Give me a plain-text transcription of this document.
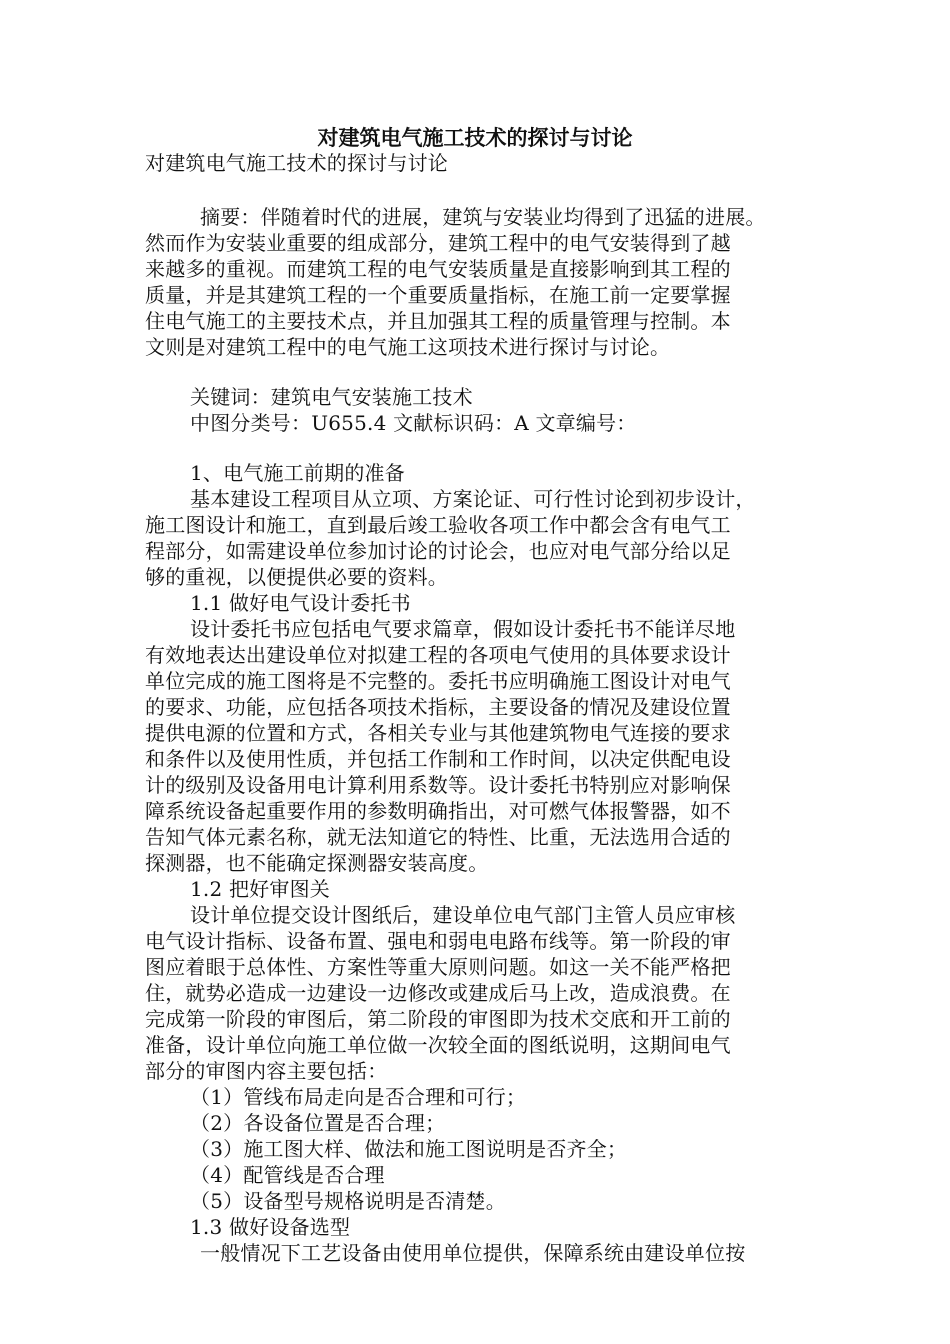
对建筑电气施工技术的探讨与讨论
对建筑电气施工技术的探讨与讨论
摘要：伴随着时代的进展，建筑与安装业均得到了迅猛的进展。
然而作为安装业重要的组成部分，建筑工程中的电气安装得到了越
来越多的重视。而建筑工程的电气安装质量是直接影响到其工程的
质量，并是其建筑工程的一个重要质量指标，在施工前一定要掌握
住电气施工的主要技术点，并且加强其工程的质量管理与控制。本
文则是对建筑工程中的电气施工这项技术进行探讨与讨论。
关键词：建筑电气安装施工技术
中图分类号：U655.4 文献标识码：A 文章编号：
1、电气施工前期的准备
基本建设工程项目从立项、方案论证、可行性讨论到初步设计，
施工图设计和施工，直到最后竣工验收各项工作中都会含有电气工
程部分，如需建设单位参加讨论的讨论会，也应对电气部分给以足
够的重视，以便提供必要的资料。
1.1 做好电气设计委托书
设计委托书应包括电气要求篇章，假如设计委托书不能详尽地
有效地表达出建设单位对拟建工程的各项电气使用的具体要求设计
单位完成的施工图将是不完整的。委托书应明确施工图设计对电气
的要求、功能，应包括各项技术指标，主要设备的情况及建设位置
提供电源的位置和方式，各相关专业与其他建筑物电气连接的要求
和条件以及使用性质，并包括工作制和工作时间，以决定供配电设
计的级别及设备用电计算利用系数等。设计委托书特别应对影响保
障系统设备起重要作用的参数明确指出，对可燃气体报警器，如不
告知气体元素名称，就无法知道它的特性、比重，无法选用合适的
探测器，也不能确定探测器安装高度。
1.2 把好审图关
设计单位提交设计图纸后，建设单位电气部门主管人员应审核
电气设计指标、设备布置、强电和弱电电路布线等。第一阶段的审
图应着眼于总体性、方案性等重大原则问题。如这一关不能严格把
住，就势必造成一边建设一边修改或建成后马上改，造成浪费。在
完成第一阶段的审图后，第二阶段的审图即为技术交底和开工前的
准备，设计单位向施工单位做一次较全面的图纸说明，这期间电气
部分的审图内容主要包括：
（1）管线布局走向是否合理和可行；
（2）各设备位置是否合理；
（3）施工图大样、做法和施工图说明是否齐全；
（4）配管线是否合理
（5）设备型号规格说明是否清楚。
1.3 做好设备选型
一般情况下工艺设备由使用单位提供，保障系统由建设单位按
